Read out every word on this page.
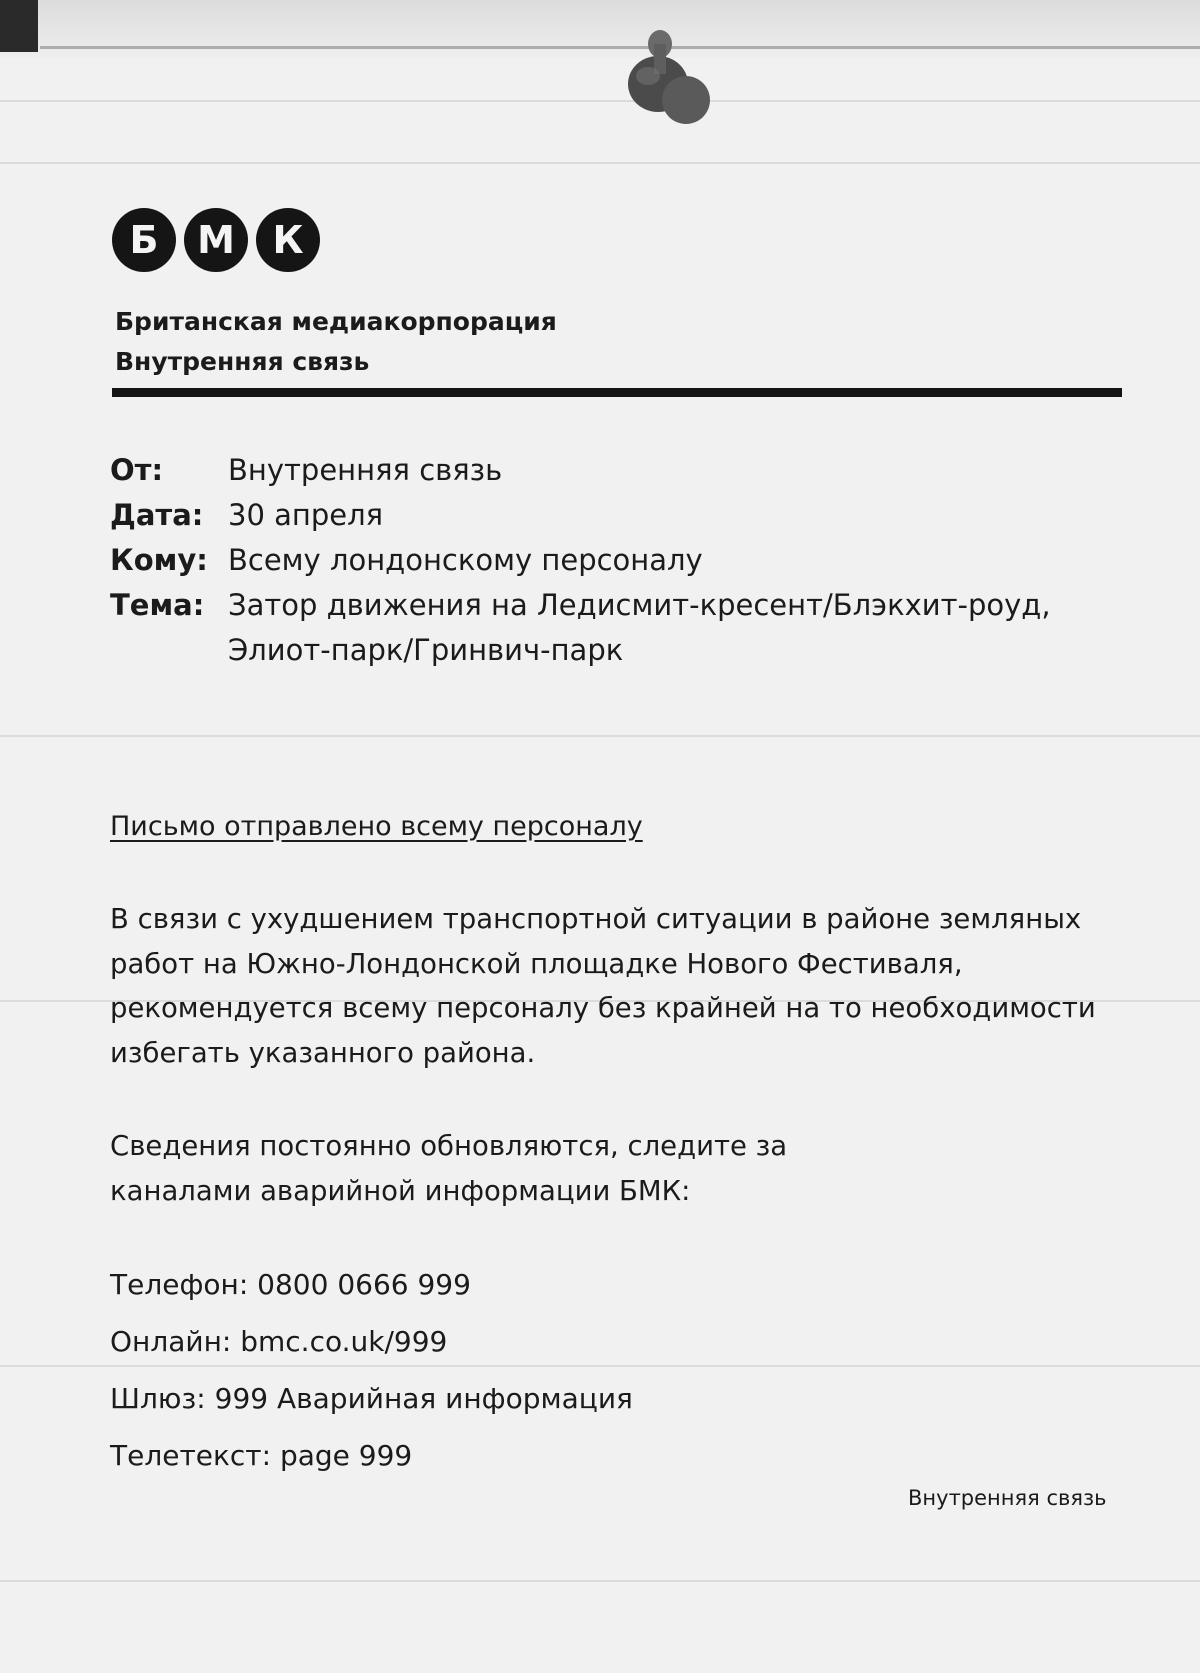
Б	М К
Британская медиакорпорация
Внутренняя связь
От:	Внутренняя связь
Дата: 30 апреля
Кому: Всему лондонскому персоналу
Тема: Затор движения на Ледисмит-кресент/Блэкхит-роуд,
Элиот-парк/Гринвич-парк
Письмо отправлено всему персоналу
В связи с ухудшением транспортной ситуации в районе земляных работ на Южно-Лондонской площадке Нового Фестиваля, рекомендуется всему персоналу без крайней на то необходимости избегать указанного района.
Сведения постоянно обновляются, следите за каналами аварийной информации БМК:
Телефон: 0800 0666 999
Онлайн: bmc.co.uk/999
Шлюз: 999 Аварийная информация
Телетекст: page 999
Внутренняя связь
